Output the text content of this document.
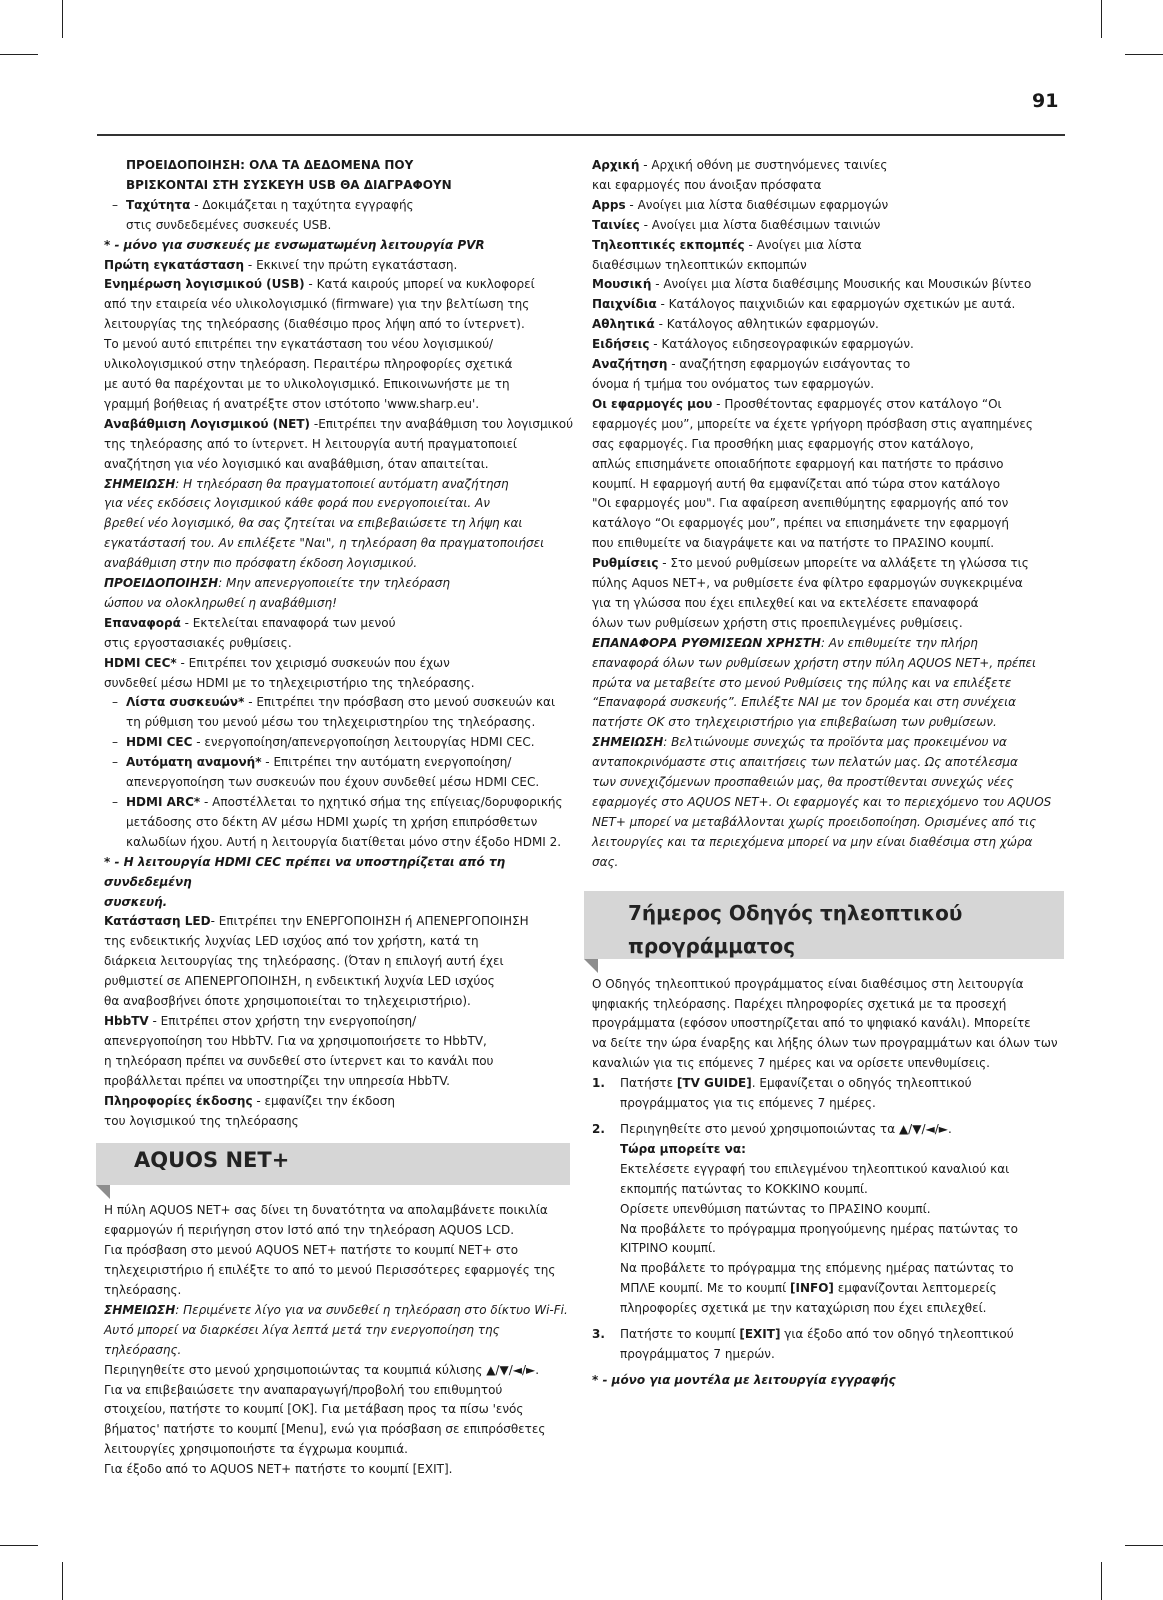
91

ΠΡΟΕΙΔΟΠΟΙΗΣΗ: ΟΛΑ ΤΑ ΔΕΔΟΜΕΝΑ ΠΟΥ
ΒΡΙΣΚΟΝΤΑΙ ΣΤΗ ΣΥΣΚΕΥΗ USB ΘΑ ΔΙΑΓΡΑΦΟΥΝ

– Ταχύτητα - Δοκιμάζεται η ταχύτητα εγγραφής
στις συνδεδεμένες συσκευές USB.

* - μόνο για συσκευές με ενσωματωμένη λειτουργία PVR

Πρώτη εγκατάσταση - Εκκινεί την πρώτη εγκατάσταση.

Ενημέρωση λογισμικού (USB) - Κατά καιρούς μπορεί να κυκλοφορεί
από την εταιρεία νέο υλικολογισμικό (firmware) για την βελτίωση της
λειτουργίας της τηλεόρασης (διαθέσιμο προς λήψη από το ίντερνετ).
Το μενού αυτό επιτρέπει την εγκατάσταση του νέου λογισμικού/
υλικολογισμικού στην τηλεόραση. Περαιτέρω πληροφορίες σχετικά
με αυτό θα παρέχονται με το υλικολογισμικό. Επικοινωνήστε με τη
γραμμή βοήθειας ή ανατρέξτε στον ιστότοπο 'www.sharp.eu'.

Αναβάθμιση Λογισμικού (NET) -Επιτρέπει την αναβάθμιση του λογισμικού
της τηλεόρασης από το ίντερνετ. Η λειτουργία αυτή πραγματοποιεί
αναζήτηση για νέο λογισμικό και αναβάθμιση, όταν απαιτείται.

ΣΗΜΕΙΩΣΗ: Η τηλεόραση θα πραγματοποιεί αυτόματη αναζήτηση
για νέες εκδόσεις λογισμικού κάθε φορά που ενεργοποιείται. Αν
βρεθεί νέο λογισμικό, θα σας ζητείται να επιβεβαιώσετε τη λήψη και
εγκατάστασή του. Αν επιλέξετε "Ναι", η τηλεόραση θα πραγματοποιήσει
αναβάθμιση στην πιο πρόσφατη έκδοση λογισμικού.

ΠΡΟΕΙΔΟΠΟΙΗΣΗ: Μην απενεργοποιείτε την τηλεόραση
ώσπου να ολοκληρωθεί η αναβάθμιση!

Επαναφορά - Εκτελείται επαναφορά των μενού
στις εργοστασιακές ρυθμίσεις.

HDMI CEC* - Επιτρέπει τον χειρισμό συσκευών που έχων
συνδεθεί μέσω HDMI με το τηλεχειριστήριο της τηλεόρασης.

– Λίστα συσκευών* - Επιτρέπει την πρόσβαση στο μενού συσκευών και
τη ρύθμιση του μενού μέσω του τηλεχειριστηρίου της τηλεόρασης.

– HDMI CEC - ενεργοποίηση/απενεργοποίηση λειτουργίας HDMI CEC.

– Αυτόματη αναμονή* - Επιτρέπει την αυτόματη ενεργοποίηση/
απενεργοποίηση των συσκευών που έχουν συνδεθεί μέσω HDMI CEC.

– HDMI ARC* - Αποστέλλεται το ηχητικό σήμα της επίγειας/δορυφορικής
μετάδοσης στο δέκτη AV μέσω HDMI χωρίς τη χρήση επιπρόσθετων
καλωδίων ήχου. Αυτή η λειτουργία διατίθεται μόνο στην έξοδο HDMI 2.

* - Η λειτουργία HDMI CEC πρέπει να υποστηρίζεται από τη συνδεδεμένη
συσκευή.

Κατάσταση LED- Επιτρέπει την ΕΝΕΡΓΟΠΟΙΗΣΗ ή ΑΠΕΝΕΡΓΟΠΟΙΗΣΗ
της ενδεικτικής λυχνίας LED ισχύος από τον χρήστη, κατά τη
διάρκεια λειτουργίας της τηλεόρασης. (Όταν η επιλογή αυτή έχει
ρυθμιστεί σε ΑΠΕΝΕΡΓΟΠΟΙΗΣΗ, η ενδεικτική λυχνία LED ισχύος
θα αναβοσβήνει όποτε χρησιμοποιείται το τηλεχειριστήριο).

HbbTV - Επιτρέπει στον χρήστη την ενεργοποίηση/
απενεργοποίηση του HbbTV. Για να χρησιμοποιήσετε το HbbTV,
η τηλεόραση πρέπει να συνδεθεί στο ίντερνετ και το κανάλι που
προβάλλεται πρέπει να υποστηρίζει την υπηρεσία HbbTV.

Πληροφορίες έκδοσης - εμφανίζει την έκδοση
του λογισμικού της τηλεόρασης

AQUOS NET+

Η πύλη AQUOS NET+ σας δίνει τη δυνατότητα να απολαμβάνετε ποικιλία
εφαρμογών ή περιήγηση στον Ιστό από την τηλεόραση AQUOS LCD.
Για πρόσβαση στο μενού AQUOS NET+ πατήστε το κουμπί NET+ στο
τηλεχειριστήριο ή επιλέξτε το από το μενού Περισσότερες εφαρμογές της
τηλεόρασης.

ΣΗΜΕΙΩΣΗ: Περιμένετε λίγο για να συνδεθεί η τηλεόραση στο δίκτυο Wi-Fi.
Αυτό μπορεί να διαρκέσει λίγα λεπτά μετά την ενεργοποίηση της τηλεόρασης.

Περιηγηθείτε στο μενού χρησιμοποιώντας τα κουμπιά κύλισης ▲/▼/◄/►.
Για να επιβεβαιώσετε την αναπαραγωγή/προβολή του επιθυμητού
στοιχείου, πατήστε το κουμπί [OK]. Για μετάβαση προς τα πίσω 'ενός
βήματος' πατήστε το κουμπί [Menu], ενώ για πρόσβαση σε επιπρόσθετες
λειτουργίες χρησιμοποιήστε τα έγχρωμα κουμπιά.
Για έξοδο από το AQUOS NET+ πατήστε το κουμπί [EXIT].

Αρχική - Αρχική οθόνη με συστηνόμενες ταινίες
και εφαρμογές που άνοιξαν πρόσφατα

Apps - Ανοίγει μια λίστα διαθέσιμων εφαρμογών

Ταινίες - Ανοίγει μια λίστα διαθέσιμων ταινιών

Τηλεοπτικές εκπομπές - Ανοίγει μια λίστα
διαθέσιμων τηλεοπτικών εκπομπών

Μουσική - Ανοίγει μια λίστα διαθέσιμης Μουσικής και Μουσικών βίντεο

Παιχνίδια - Κατάλογος παιχνιδιών και εφαρμογών σχετικών με αυτά.

Αθλητικά - Κατάλογος αθλητικών εφαρμογών.

Ειδήσεις - Κατάλογος ειδησεογραφικών εφαρμογών.

Αναζήτηση - αναζήτηση εφαρμογών εισάγοντας το
όνομα ή τμήμα του ονόματος των εφαρμογών.

Οι εφαρμογές μου - Προσθέτοντας εφαρμογές στον κατάλογο “Οι
εφαρμογές μου”, μπορείτε να έχετε γρήγορη πρόσβαση στις αγαπημένες
σας εφαρμογές. Για προσθήκη μιας εφαρμογής στον κατάλογο,
απλώς επισημάνετε οποιαδήποτε εφαρμογή και πατήστε το πράσινο
κουμπί. Η εφαρμογή αυτή θα εμφανίζεται από τώρα στον κατάλογο
"Οι εφαρμογές μου". Για αφαίρεση ανεπιθύμητης εφαρμογής από τον
κατάλογο “Οι εφαρμογές μου”, πρέπει να επισημάνετε την εφαρμογή
που επιθυμείτε να διαγράψετε και να πατήστε το ΠΡΑΣΙΝΟ κουμπί.

Ρυθμίσεις - Στο μενού ρυθμίσεων μπορείτε να αλλάξετε τη γλώσσα τις
πύλης Aquos NET+, να ρυθμίσετε ένα φίλτρο εφαρμογών συγκεκριμένα
για τη γλώσσα που έχει επιλεχθεί και να εκτελέσετε επαναφορά
όλων των ρυθμίσεων χρήστη στις προεπιλεγμένες ρυθμίσεις.

ΕΠΑΝΑΦΟΡΑ ΡΥΘΜΙΣΕΩΝ ΧΡΗΣΤΗ: Αν επιθυμείτε την πλήρη
επαναφορά όλων των ρυθμίσεων χρήστη στην πύλη AQUOS NET+, πρέπει
πρώτα να μεταβείτε στο μενού Ρυθμίσεις της πύλης και να επιλέξετε
“Επαναφορά συσκευής”. Επιλέξτε ΝΑΙ με τον δρομέα και στη συνέχεια
πατήστε ΟΚ στο τηλεχειριστήριο για επιβεβαίωση των ρυθμίσεων.

ΣΗΜΕΙΩΣΗ: Βελτιώνουμε συνεχώς τα προϊόντα μας προκειμένου να
ανταποκρινόμαστε στις απαιτήσεις των πελατών μας. Ως αποτέλεσμα
των συνεχιζόμενων προσπαθειών μας, θα προστίθενται συνεχώς νέες
εφαρμογές στο AQUOS NET+. Οι εφαρμογές και το περιεχόμενο του AQUOS
NET+ μπορεί να μεταβάλλονται χωρίς προειδοποίηση. Ορισμένες από τις
λειτουργίες και τα περιεχόμενα μπορεί να μην είναι διαθέσιμα στη χώρα σας.

7ήμερος Οδηγός τηλεοπτικού
προγράμματος

Ο Οδηγός τηλεοπτικού προγράμματος είναι διαθέσιμος στη λειτουργία
ψηφιακής τηλεόρασης. Παρέχει πληροφορίες σχετικά με τα προσεχή
προγράμματα (εφόσον υποστηρίζεται από το ψηφιακό κανάλι). Μπορείτε
να δείτε την ώρα έναρξης και λήξης όλων των προγραμμάτων και όλων των
καναλιών για τις επόμενες 7 ημέρες και να ορίσετε υπενθυμίσεις.

1. Πατήστε [TV GUIDE]. Εμφανίζεται ο οδηγός τηλεοπτικού
προγράμματος για τις επόμενες 7 ημέρες.

2. Περιηγηθείτε στο μενού χρησιμοποιώντας τα ▲/▼/◄/►.
Τώρα μπορείτε να:
Εκτελέσετε εγγραφή του επιλεγμένου τηλεοπτικού καναλιού και
εκπομπής πατώντας το ΚΟΚΚΙΝΟ κουμπί.
Ορίσετε υπενθύμιση πατώντας το ΠΡΑΣΙΝΟ κουμπί.
Να προβάλετε το πρόγραμμα προηγούμενης ημέρας πατώντας το
ΚΙΤΡΙΝΟ κουμπί.
Να προβάλετε το πρόγραμμα της επόμενης ημέρας πατώντας το
ΜΠΛΕ κουμπί. Με το κουμπί [INFO] εμφανίζονται λεπτομερείς
πληροφορίες σχετικά με την καταχώριση που έχει επιλεχθεί.

3. Πατήστε το κουμπί [EXIT] για έξοδο από τον οδηγό τηλεοπτικού
προγράμματος 7 ημερών.

* - μόνο για μοντέλα με λειτουργία εγγραφής
